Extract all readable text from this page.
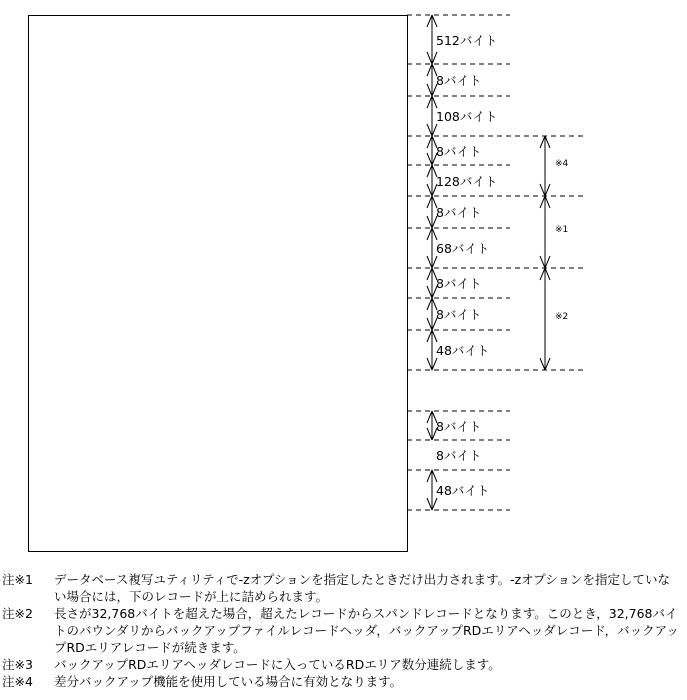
512バイト
8バイト
108バイト
8バイト
128バイト
8バイト
68バイト
8バイト
8バイト
48バイト
8バイト
8バイト
48バイト
※4
※1
※2
注※1	データベース複写ユティリティで-zオプションを指定したときだけ出力されます。-zオプションを指定していない場合には，下のレコードが上に詰められます。
注※2	長さが32,768バイトを超えた場合，超えたレコードからスパンドレコードとなります。このとき，32,768バイトのバウンダリからバックアップファイルレコードヘッダ，バックアップRDエリアヘッダレコード，バックアップRDエリアレコードが続きます。
注※3	バックアップRDエリアヘッダレコードに入っているRDエリア数分連続します。
注※4	差分バックアップ機能を使用している場合に有効となります。
